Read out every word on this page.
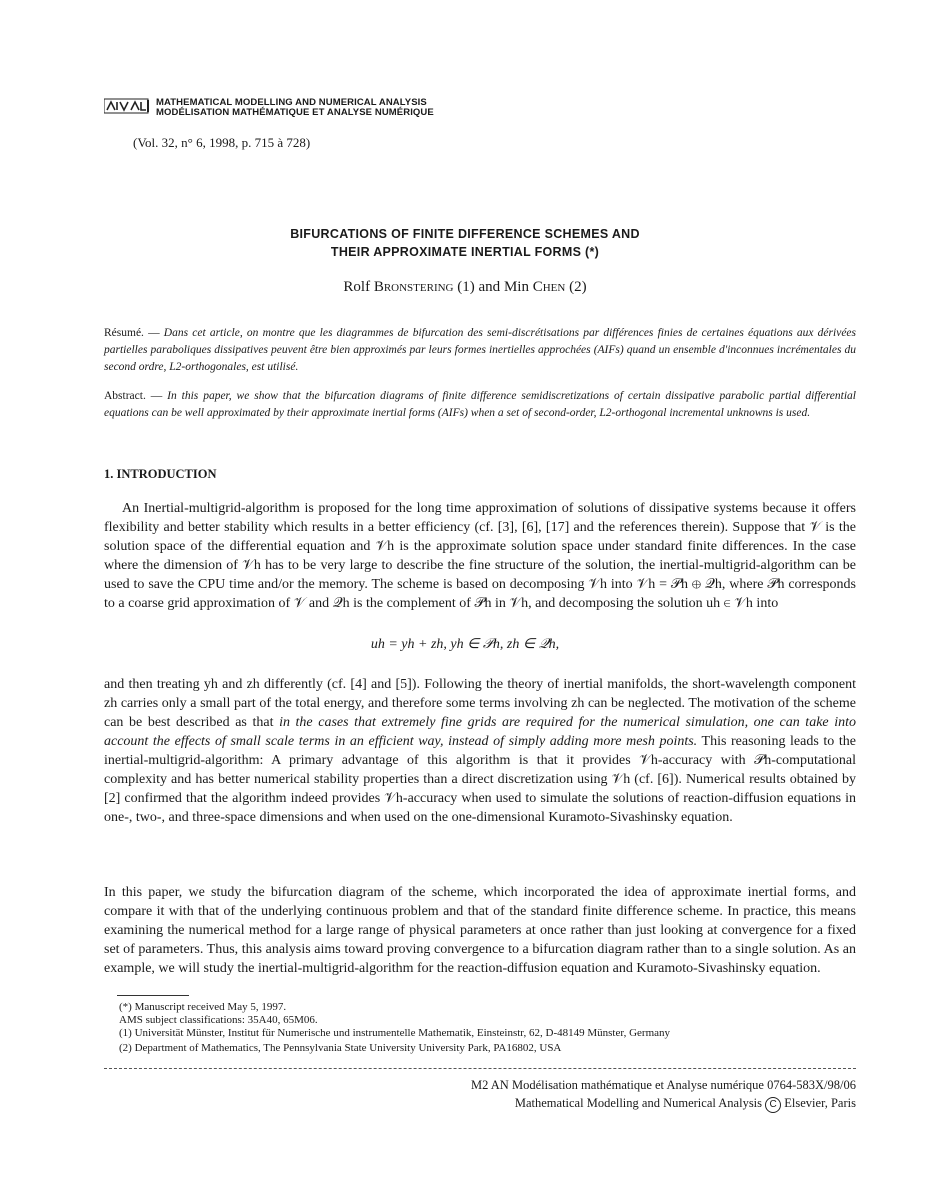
MATHEMATICAL MODELLING AND NUMERICAL ANALYSIS
MODÉLISATION MATHÉMATIQUE ET ANALYSE NUMÉRIQUE
(Vol. 32, n° 6, 1998, p. 715 à 728)
BIFURCATIONS OF FINITE DIFFERENCE SCHEMES AND
THEIR APPROXIMATE INERTIAL FORMS (*)
Rolf Bronstering (1) and Min Chen (2)
Résumé. — Dans cet article, on montre que les diagrammes de bifurcation des semi-discrétisations par différences finies de certaines équations aux dérivées partielles paraboliques dissipatives peuvent être bien approximés par leurs formes inertielles approchées (AIFs) quand un ensemble d'inconnues incrémentales du second ordre, L2-orthogonales, est utilisé.
Abstract. — In this paper, we show that the bifurcation diagrams of finite difference semidiscretizations of certain dissipative parabolic partial differential equations can be well approximated by their approximate inertial forms (AIFs) when a set of second-order, L2-orthogonal incremental unknowns is used.
1. INTRODUCTION

An Inertial-multigrid-algorithm is proposed for the long time approximation of solutions of dissipative systems because it offers flexibility and better stability which results in a better efficiency (cf. [3], [6], [17] and the references therein). Suppose that 𝒱 is the solution space of the differential equation and 𝒱h is the approximate solution space under standard finite differences. In the case where the dimension of 𝒱h has to be very large to describe the fine structure of the solution, the inertial-multigrid-algorithm can be used to save the CPU time and/or the memory. The scheme is based on decomposing 𝒱h into 𝒱h = 𝒫h ⊕ 𝒬h, where 𝒫h corresponds to a coarse grid approximation of 𝒱 and 𝒬h is the complement of 𝒫h in 𝒱h, and decomposing the solution uh ∈ 𝒱h into

uh = yh + zh, yh ∈ 𝒫h, zh ∈ 𝒬h,

and then treating yh and zh differently (cf. [4] and [5]). Following the theory of inertial manifolds, the short-wavelength component zh carries only a small part of the total energy, and therefore some terms involving zh can be neglected. The motivation of the scheme can be best described as that in the cases that extremely fine grids are required for the numerical simulation, one can take into account the effects of small scale terms in an efficient way, instead of simply adding more mesh points. This reasoning leads to the inertial-multigrid-algorithm: A primary advantage of this algorithm is that it provides 𝒱h-accuracy with 𝒫h-computational complexity and has better numerical stability properties than a direct discretization using 𝒱h (cf. [6]). Numerical results obtained by [2] confirmed that the algorithm indeed provides 𝒱h-accuracy when used to simulate the solutions of reaction-diffusion equations in one-, two-, and three-space dimensions and when used on the one-dimensional Kuramoto-Sivashinsky equation.

In this paper, we study the bifurcation diagram of the scheme, which incorporated the idea of approximate inertial forms, and compare it with that of the underlying continuous problem and that of the standard finite difference scheme. In practice, this means examining the numerical method for a large range of physical parameters at once rather than just looking at convergence for a fixed set of parameters. Thus, this analysis aims toward proving convergence to a bifurcation diagram rather than to a single solution. As an example, we will study the inertial-multigrid-algorithm for the reaction-diffusion equation and Kuramoto-Sivashinsky equation.

(*) Manuscript received May 5, 1997.
AMS subject classifications: 35A40, 65M06.
(1) Universität Münster, Institut für Numerische und instrumentelle Mathematik, Einsteinstr, 62, D-48149 Münster, Germany
(2) Department of Mathematics, The Pennsylvania State University University Park, PA16802, USA
M2 AN Modélisation mathématique et Analyse numérique 0764-583X/98/06
Mathematical Modelling and Numerical Analysis C Elsevier, Paris
